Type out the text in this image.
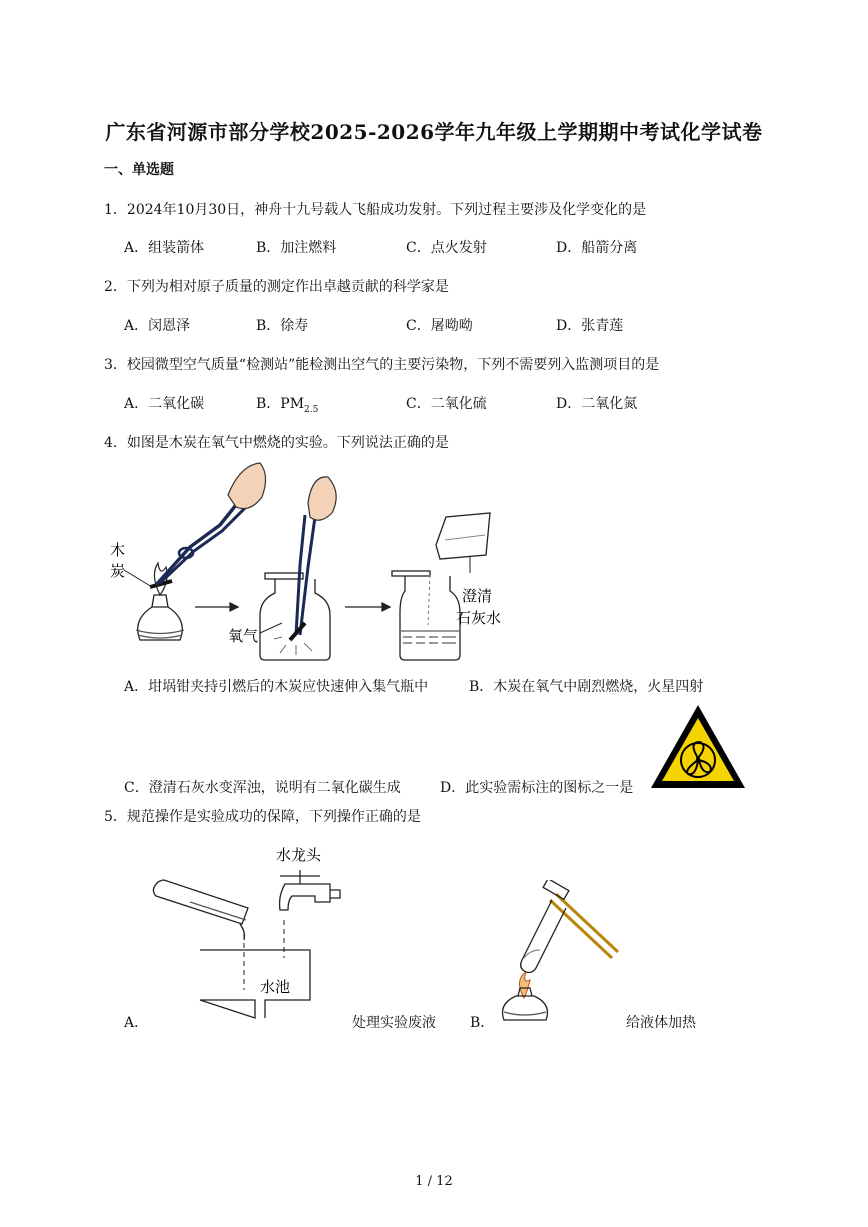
广东省河源市部分学校2025-2026学年九年级上学期期中考试化学试卷
一、单选题
1．2024年10月30日，神舟十九号载人飞船成功发射。下列过程主要涉及化学变化的是
A．组装箭体	B．加注燃料	C．点火发射	D．船箭分离
2．下列为相对原子质量的测定作出卓越贡献的科学家是
A．闵恩泽	B．徐寿	C．屠呦呦	D．张青莲
3．校园微型空气质量“检测站”能检测出空气的主要污染物，下列不需要列入监测项目的是
A．二氧化碳	B．$PM_{2.5}$	C．二氧化硫	D．二氧化氮
4．如图是木炭在氧气中燃烧的实验。下列说法正确的是
木
炭
氧气
澄清
石灰水
A．坩埚钳夹持引燃后的木炭应快速伸入集气瓶中	B．木炭在氧气中剧烈燃烧，火星四射
C．澄清石灰水变浑浊，说明有二氧化碳生成	D．此实验需标注的图标之一是
5．规范操作是实验成功的保障，下列操作正确的是
水龙头
水池
A．	处理实验废液 B．	给液体加热
1 / 12
